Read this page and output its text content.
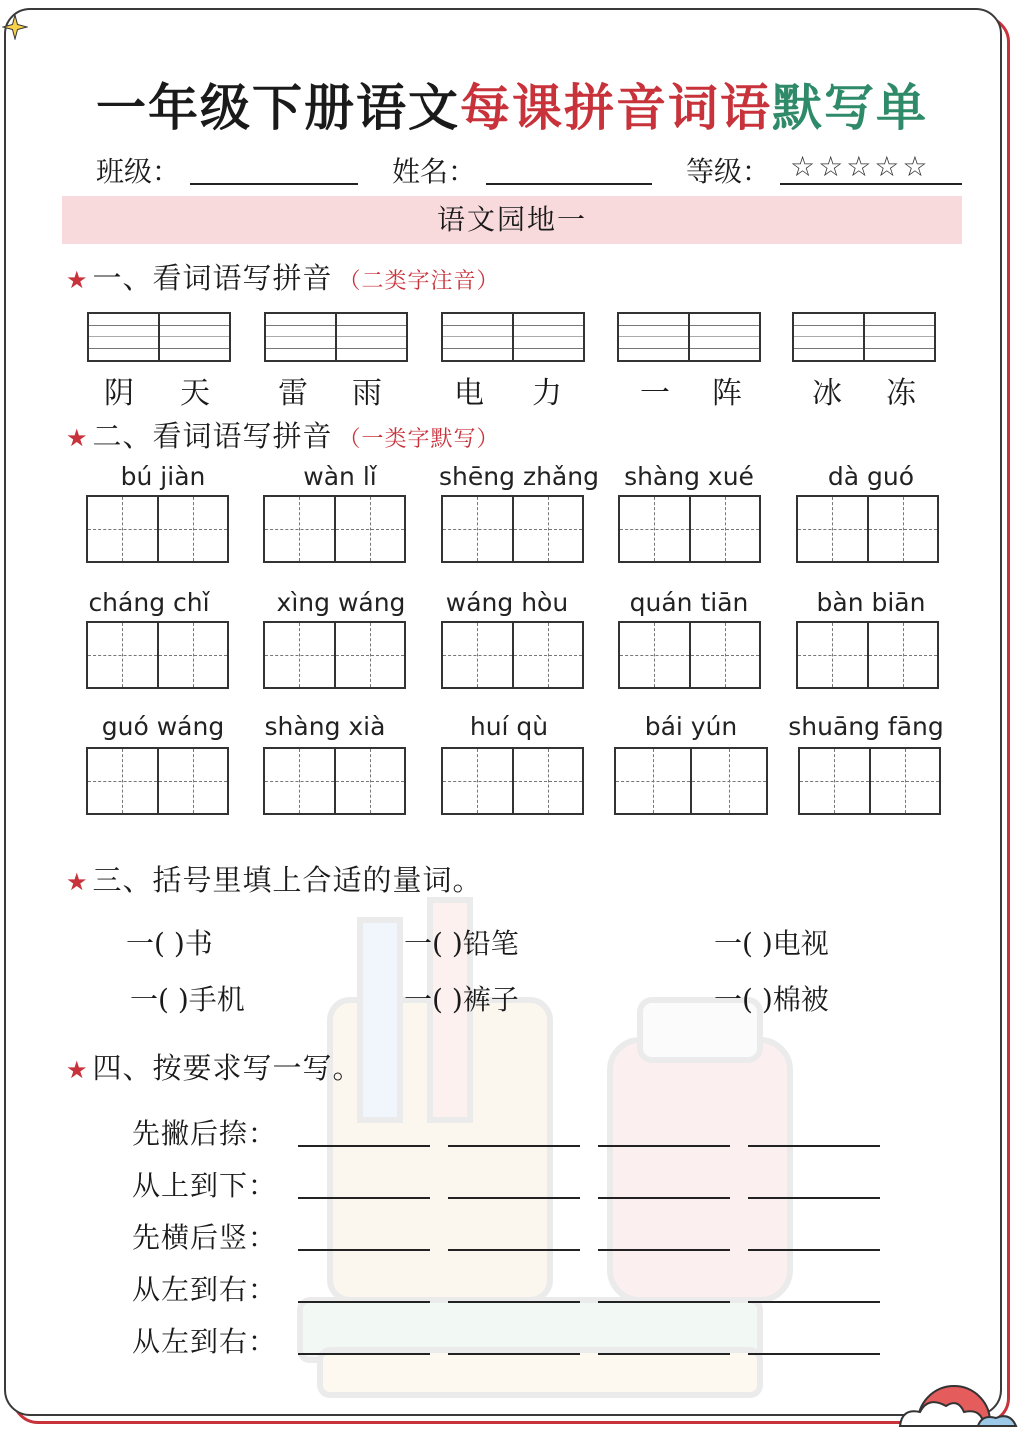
一年级下册语文每课拼音词语默写单
班级：	姓名：	等级： ☆☆☆☆☆
语文园地一
★ 一、看词语写拼音 （二类字注音）
阴	天	雷	雨	电	力	一	阵	冰	冻
★ 二、看词语写拼音 （一类字默写）
bú jiàn	wàn lǐ	shēng zhǎng	shàng xué	dà guó
cháng chǐ	xìng wáng	wáng hòu	quán tiān	bàn biān
guó wáng	shàng xià	huí qù	bái yún	shuāng fāng
★ 三、括号里填上合适的量词。
一( )书	一( )铅笔	一( )电视
一( )手机	一( )裤子	一( )棉被
★ 四、按要求写一写。
先撇后捺：
从上到下：
先横后竖：
从左到右：
从左到右：
